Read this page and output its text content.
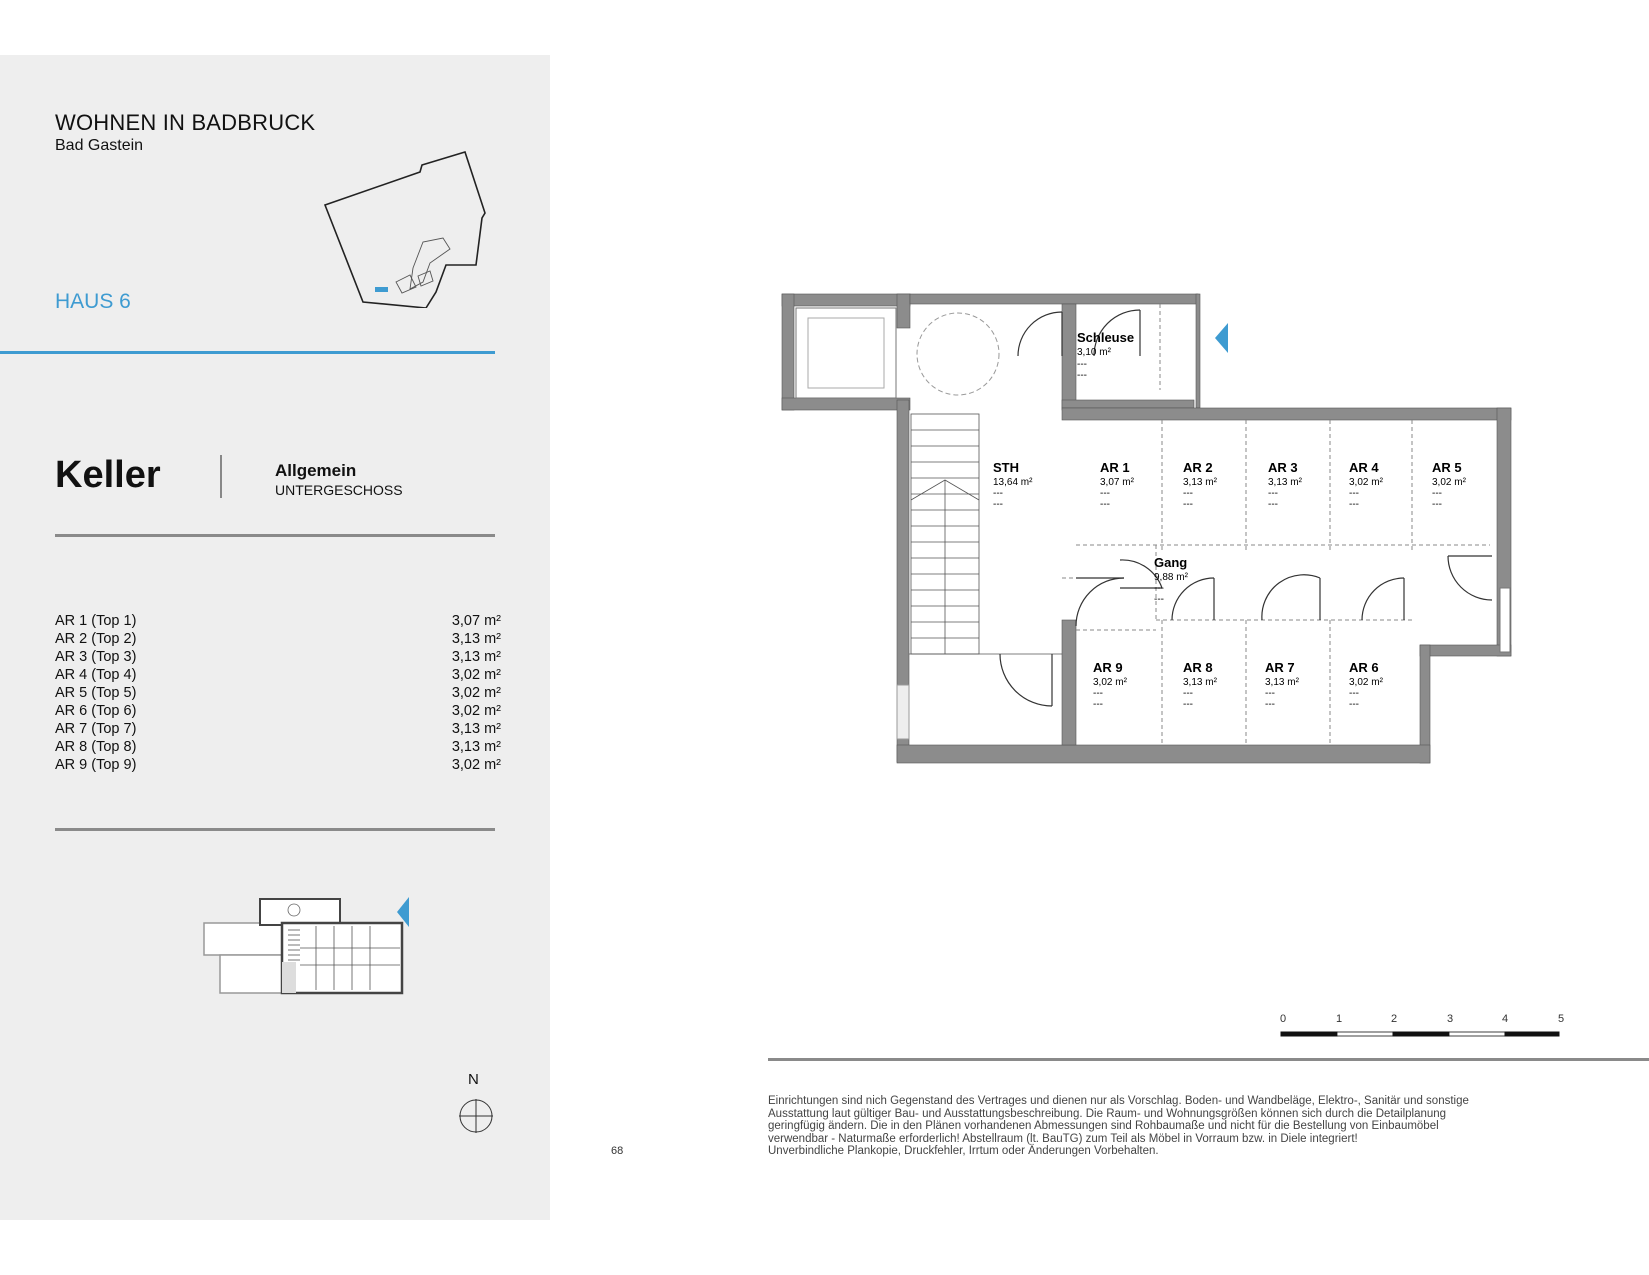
WOHNEN IN BADBRUCK
Bad Gastein
HAUS 6
Keller	Allgemein
UNTERGESCHOSS
AR 1 (Top 1)	3,07 m²
AR 2 (Top 2)	3,13 m²
AR 3 (Top 3)	3,13 m²
AR 4 (Top 4)	3,02 m²
AR 5 (Top 5)	3,02 m²
AR 6 (Top 6)	3,02 m²
AR 7 (Top 7)	3,13 m²
AR 8 (Top 8)	3,13 m²
AR 9 (Top 9)	3,02 m²
N
Schleuse
3,10 m²
---
---
STH
13,64 m²
---
---
Gang
9,88 m²
---
---
AR 1
3,07 m²
---
---
AR 2
3,13 m²
---
---
AR 3
3,13 m²
---
---
AR 4
3,02 m²
---
---
AR 5
3,02 m²
---
---
AR 9
3,02 m²
---
---
AR 8
3,13 m²
---
---
AR 7
3,13 m²
---
---
AR 6
3,02 m²
---
---
0	1	2	3	4	5
68
Einrichtungen sind nich Gegenstand des Vertrages und dienen nur als Vorschlag. Boden- und Wandbeläge, Elektro-, Sanitär und sonstige
Ausstattung laut gültiger Bau- und Ausstattungsbeschreibung. Die Raum- und Wohnungsgrößen können sich durch die Detailplanung
geringfügig ändern. Die in den Plänen vorhandenen Abmessungen sind Rohbaumaße und nicht für die Bestellung von Einbaumöbel
verwendbar - Naturmaße erforderlich! Abstellraum (lt. BauTG) zum Teil als Möbel in Vorraum bzw. in Diele integriert!
Unverbindliche Plankopie, Druckfehler, Irrtum oder Änderungen Vorbehalten.
